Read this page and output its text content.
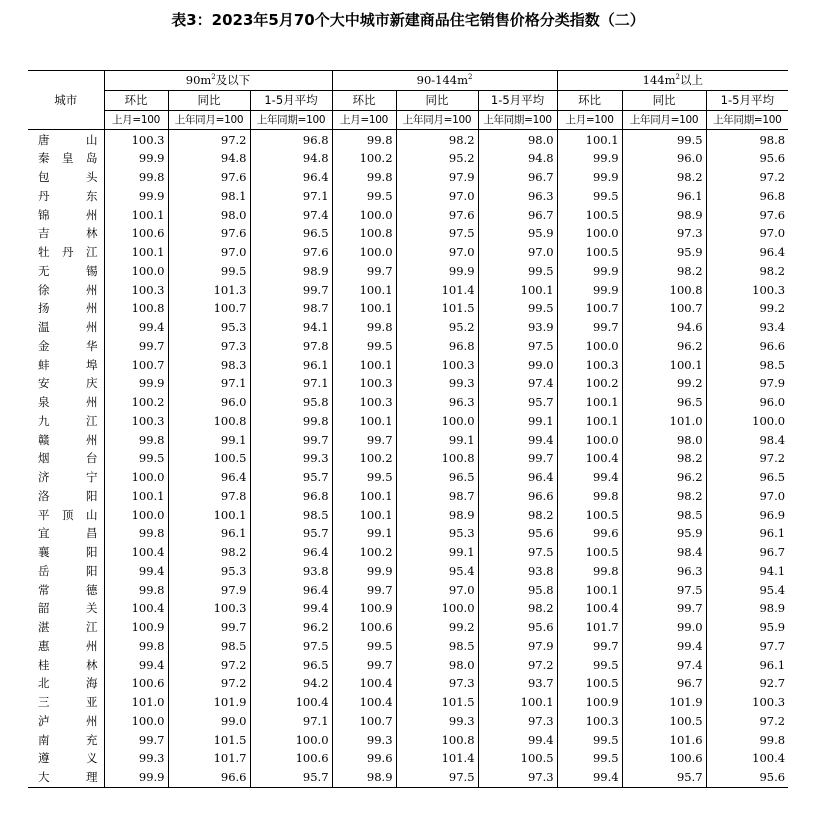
表3：2023年5月70个大中城市新建商品住宅销售价格分类指数（二）
城市	$90m^2$及以下			$90-144m^2$			$144m^2$以上		
	环比	同比	1-5月平均	环比	同比	1-5月平均	环比	同比	1-5月平均
	上月=100	上年同月=100	上年同期=100	上月=100	上年同月=100	上年同期=100	上月=100	上年同月=100	上年同期=100
唐山	100.3	97.2	96.8	99.8	98.2	98.0	100.1	99.5	98.8
秦皇岛	99.9	94.8	94.8	100.2	95.2	94.8	99.9	96.0	95.6
包头	99.8	97.6	96.4	99.8	97.9	96.7	99.9	98.2	97.2
丹东	99.9	98.1	97.1	99.5	97.0	96.3	99.5	96.1	96.8
锦州	100.1	98.0	97.4	100.0	97.6	96.7	100.5	98.9	97.6
吉林	100.6	97.6	96.5	100.8	97.5	95.9	100.0	97.3	97.0
牡丹江	100.1	97.0	97.6	100.0	97.0	97.0	100.5	95.9	96.4
无锡	100.0	99.5	98.9	99.7	99.9	99.5	99.9	98.2	98.2
徐州	100.3	101.3	99.7	100.1	101.4	100.1	99.9	100.8	100.3
扬州	100.8	100.7	98.7	100.1	101.5	99.5	100.7	100.7	99.2
温州	99.4	95.3	94.1	99.8	95.2	93.9	99.7	94.6	93.4
金华	99.7	97.3	97.8	99.5	96.8	97.5	100.0	96.2	96.6
蚌埠	100.7	98.3	96.1	100.1	100.3	99.0	100.3	100.1	98.5
安庆	99.9	97.1	97.1	100.3	99.3	97.4	100.2	99.2	97.9
泉州	100.2	96.0	95.8	100.3	96.3	95.7	100.1	96.5	96.0
九江	100.3	100.8	99.8	100.1	100.0	99.1	100.1	101.0	100.0
赣州	99.8	99.1	99.7	99.7	99.1	99.4	100.0	98.0	98.4
烟台	99.5	100.5	99.3	100.2	100.8	99.7	100.4	98.2	97.2
济宁	100.0	96.4	95.7	99.5	96.5	96.4	99.4	96.2	96.5
洛阳	100.1	97.8	96.8	100.1	98.7	96.6	99.8	98.2	97.0
平顶山	100.0	100.1	98.5	100.1	98.9	98.2	100.5	98.5	96.9
宜昌	99.8	96.1	95.7	99.1	95.3	95.6	99.6	95.9	96.1
襄阳	100.4	98.2	96.4	100.2	99.1	97.5	100.5	98.4	96.7
岳阳	99.4	95.3	93.8	99.9	95.4	93.8	99.8	96.3	94.1
常德	99.8	97.9	96.4	99.7	97.0	95.8	100.1	97.5	95.4
韶关	100.4	100.3	99.4	100.9	100.0	98.2	100.4	99.7	98.9
湛江	100.9	99.7	96.2	100.6	99.2	95.6	101.7	99.0	95.9
惠州	99.8	98.5	97.5	99.5	98.5	97.9	99.7	99.4	97.7
桂林	99.4	97.2	96.5	99.7	98.0	97.2	99.5	97.4	96.1
北海	100.6	97.2	94.2	100.4	97.3	93.7	100.5	96.7	92.7
三亚	101.0	101.9	100.4	100.4	101.5	100.1	100.9	101.9	100.3
泸州	100.0	99.0	97.1	100.7	99.3	97.3	100.3	100.5	97.2
南充	99.7	101.5	100.0	99.3	100.8	99.4	99.5	101.6	99.8
遵义	99.3	101.7	100.6	99.6	101.4	100.5	99.5	100.6	100.4
大理	99.9	96.6	95.7	98.9	97.5	97.3	99.4	95.7	95.6
